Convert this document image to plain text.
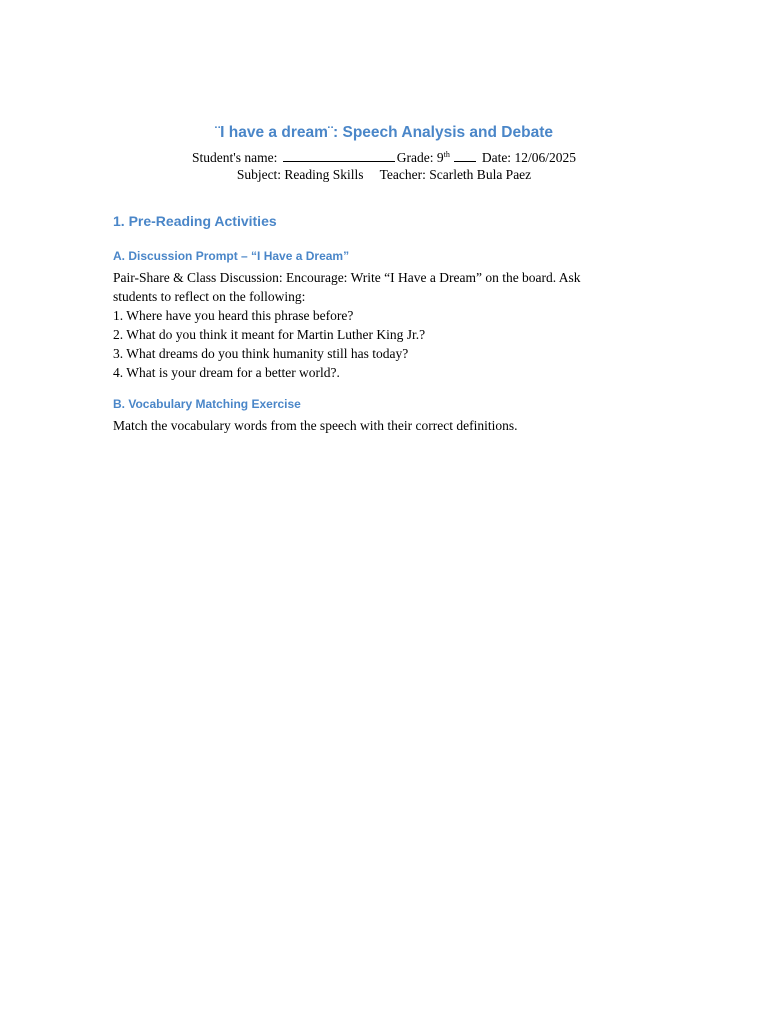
¨I have a dream¨: Speech Analysis and Debate

Student's name:	Grade: 9th Date: 12/06/2025

Subject: Reading Skills Teacher: Scarleth Bula Paez

1. Pre-Reading Activities
A. Discussion Prompt – “I Have a Dream”

Pair-Share & Class Discussion: Encourage: Write “I Have a Dream” on the board. Ask
students to reflect on the following:

1. Where have you heard this phrase before?
2. What do you think it meant for Martin Luther King Jr.?
3. What dreams do you think humanity still has today?
4. What is your dream for a better world?.
B. Vocabulary Matching Exercise

Match the vocabulary words from the speech with their correct definitions.
